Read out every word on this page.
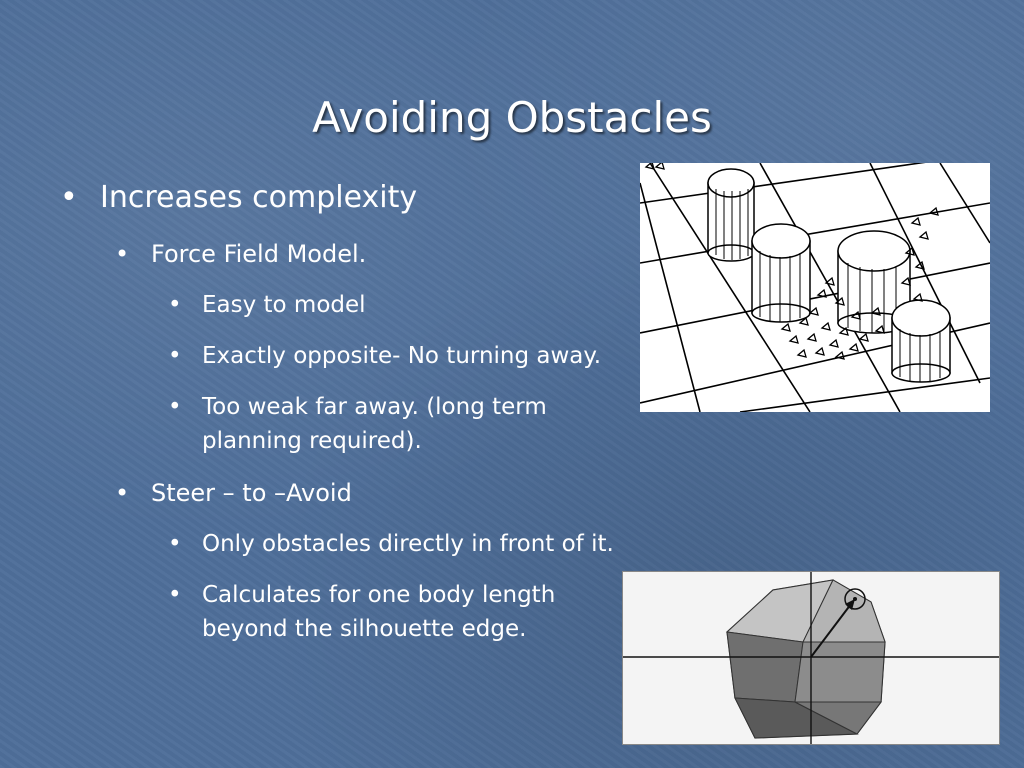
Avoiding Obstacles
• Increases complexity
• Force Field Model.
• Easy to model
• Exactly opposite- No turning away.
• Too weak far away. (long term planning required).
• Steer – to –Avoid
• Only obstacles directly in front of it.
• Calculates for one body length beyond the silhouette edge.
